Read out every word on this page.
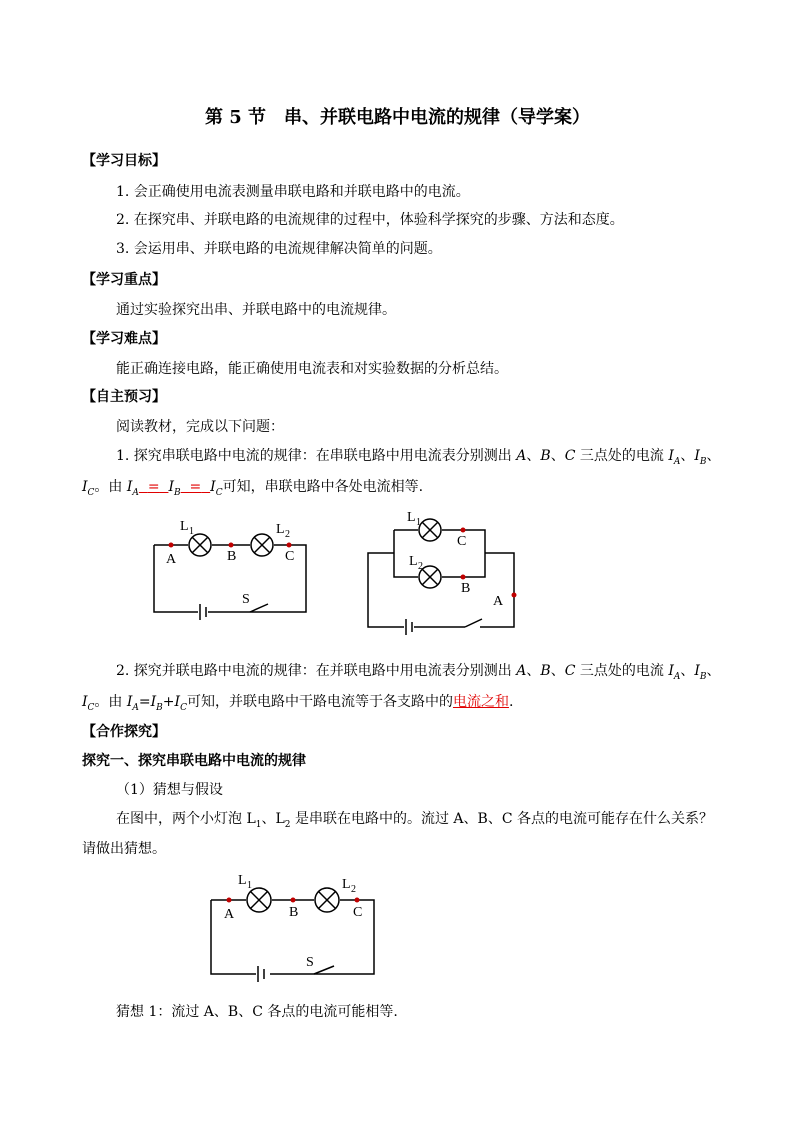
第 5 节　串、并联电路中电流的规律（导学案）
【学习目标】
1. 会正确使用电流表测量串联电路和并联电路中的电流。
2. 在探究串、并联电路的电流规律的过程中，体验科学探究的步骤、方法和态度。
3. 会运用串、并联电路的电流规律解决简单的问题。
【学习重点】
通过实验探究出串、并联电路中的电流规律。
【学习难点】
能正确连接电路，能正确使用电流表和对实验数据的分析总结。
【自主预习】
阅读教材，完成以下问题：
1. 探究串联电路中电流的规律：在串联电路中用电流表分别测出 A、B、C 三点处的电流 $I_A$、$I_B$、
$I_C$。由 $I_A = I_B = I_C$可知，串联电路中各处电流相等.
A	B	C
L 1	L 2
S
L 1
C
L 2
B
A
2. 探究并联电路中电流的规律：在并联电路中用电流表分别测出 A、B、C 三点处的电流 $I_A$、$I_B$、
$I_C$。由 $I_A=I_B+I_C$可知，并联电路中干路电流等于各支路中的电流之和.
【合作探究】
探究一、探究串联电路中电流的规律
（1）猜想与假设
在图中，两个小灯泡 $L_1$、$L_2$ 是串联在电路中的。流过 A、B、C 各点的电流可能存在什么关系？
请做出猜想。
A	B	C
L 1	L 2
S
猜想 1：流过 A、B、C 各点的电流可能相等.
